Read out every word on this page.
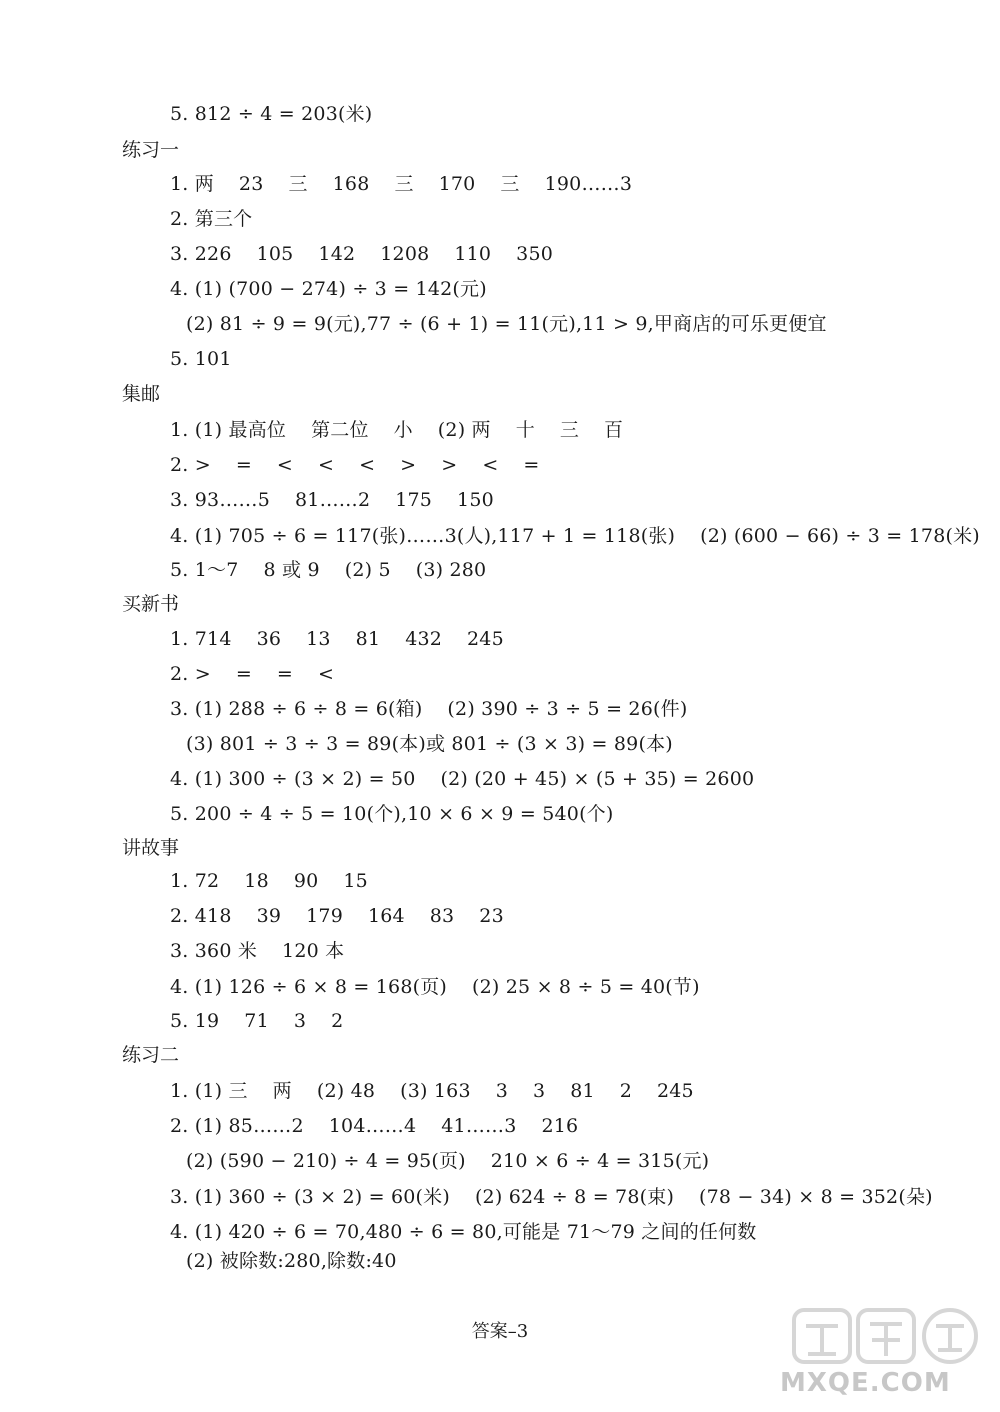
5. 812 ÷ 4 = 203(米)
练习一
1. 两    23    三    168    三    170    三    190……3
2. 第三个
3. 226    105    142    1208    110    350
4. (1) (700 − 274) ÷ 3 = 142(元)
(2) 81 ÷ 9 = 9(元),77 ÷ (6 + 1) = 11(元),11 > 9,甲商店的可乐更便宜
5. 101
集邮
1. (1) 最高位    第二位    小    (2) 两    十    三    百
2. >    =    <    <    <    >    >    <    =
3. 93……5    81……2    175    150
4. (1) 705 ÷ 6 = 117(张)……3(人),117 + 1 = 118(张)    (2) (600 − 66) ÷ 3 = 178(米)
5. 1～7    8 或 9    (2) 5    (3) 280
买新书
1. 714    36    13    81    432    245
2. >    =    =    <
3. (1) 288 ÷ 6 ÷ 8 = 6(箱)    (2) 390 ÷ 3 ÷ 5 = 26(件)
(3) 801 ÷ 3 ÷ 3 = 89(本)或 801 ÷ (3 × 3) = 89(本)
4. (1) 300 ÷ (3 × 2) = 50    (2) (20 + 45) × (5 + 35) = 2600
5. 200 ÷ 4 ÷ 5 = 10(个),10 × 6 × 9 = 540(个)
讲故事
1. 72    18    90    15
2. 418    39    179    164    83    23
3. 360 米    120 本
4. (1) 126 ÷ 6 × 8 = 168(页)    (2) 25 × 8 ÷ 5 = 40(节)
5. 19    71    3    2
练习二
1. (1) 三    两    (2) 48    (3) 163    3    3    81    2    245
2. (1) 85……2    104……4    41……3    216
(2) (590 − 210) ÷ 4 = 95(页)    210 × 6 ÷ 4 = 315(元)
3. (1) 360 ÷ (3 × 2) = 60(米)    (2) 624 ÷ 8 = 78(束)    (78 − 34) × 8 = 352(朵)
4. (1) 420 ÷ 6 = 70,480 ÷ 6 = 80,可能是 71～79 之间的任何数
(2) 被除数:280,除数:40
答案–3
MXQE.COM
